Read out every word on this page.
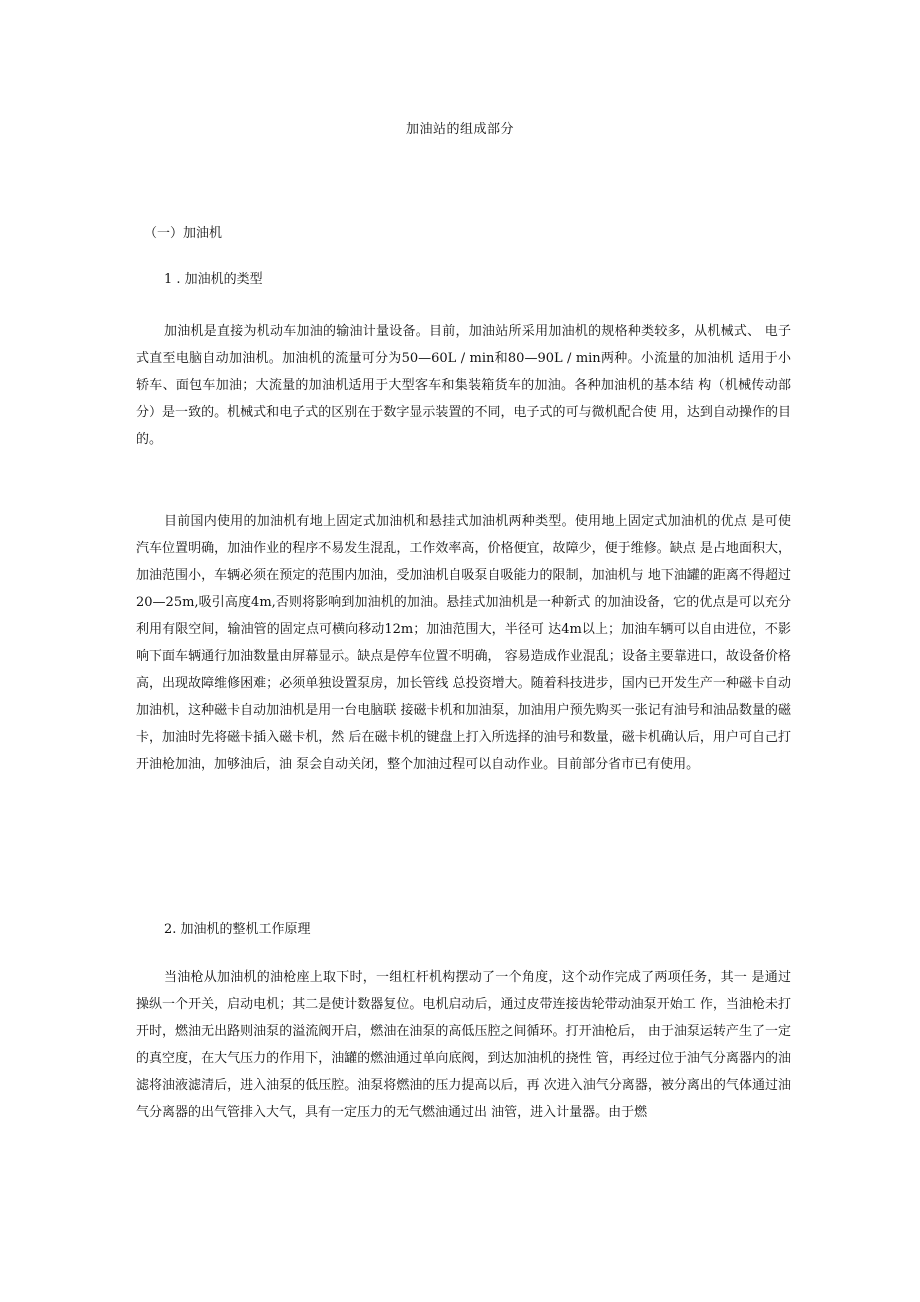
加油站的组成部分
（一）加油机
1 . 加油机的类型

加油机是直接为机动车加油的输油计量设备。目前，加油站所采用加油机的规格种类较多，从机械式、 电子式直至电脑自动加油机。加油机的流量可分为50—60L / min和80—90L / min两种。小流量的加油机 适用于小轿车、面包车加油；大流量的加油机适用于大型客车和集装箱货车的加油。各种加油机的基本结 构（机械传动部分）是一致的。机械式和电子式的区别在于数字显示装置的不同，电子式的可与微机配合使 用，达到自动操作的目的。

目前国内使用的加油机有地上固定式加油机和悬挂式加油机两种类型。使用地上固定式加油机的优点 是可使汽车位置明确，加油作业的程序不易发生混乱，工作效率高，价格便宜，故障少，便于维修。缺点 是占地面积大，加油范围小，车辆必须在预定的范围内加油，受加油机自吸泵自吸能力的限制，加油机与 地下油罐的距离不得超过20—25m,吸引高度4m,否则将影响到加油机的加油。悬挂式加油机是一种新式 的加油设备，它的优点是可以充分利用有限空间，输油管的固定点可横向移动12m；加油范围大，半径可 达4m以上；加油车辆可以自由进位，不影响下面车辆通行加油数量由屏幕显示。缺点是停车位置不明确， 容易造成作业混乱；设备主要靠进口，故设备价格高，出现故障维修困难；必须单独设置泵房，加长管线 总投资增大。随着科技进步，国内已开发生产一种磁卡自动加油机，这种磁卡自动加油机是用一台电脑联 接磁卡机和加油泵，加油用户预先购买一张记有油号和油品数量的磁卡，加油时先将磁卡插入磁卡机，然 后在磁卡机的键盘上打入所选择的油号和数量，磁卡机确认后，用户可自己打开油枪加油，加够油后，油 泵会自动关闭，整个加油过程可以自动作业。目前部分省市已有使用。

2. 加油机的整机工作原理

当油枪从加油机的油枪座上取下时，一组杠杆机构摆动了一个角度，这个动作完成了两项任务，其一 是通过操纵一个开关，启动电机；其二是使计数器复位。电机启动后，通过皮带连接齿轮带动油泵开始工 作，当油枪未打开时，燃油无出路则油泵的溢流阀开启，燃油在油泵的高低压腔之间循环。打开油枪后， 由于油泵运转产生了一定的真空度，在大气压力的作用下，油罐的燃油通过单向底阀，到达加油机的挠性 管，再经过位于油气分离器内的油滤将油液滤清后，进入油泵的低压腔。油泵将燃油的压力提高以后，再 次进入油气分离器，被分离出的气体通过油气分离器的出气管排入大气，具有一定压力的无气燃油通过出 油管，进入计量器。由于燃
